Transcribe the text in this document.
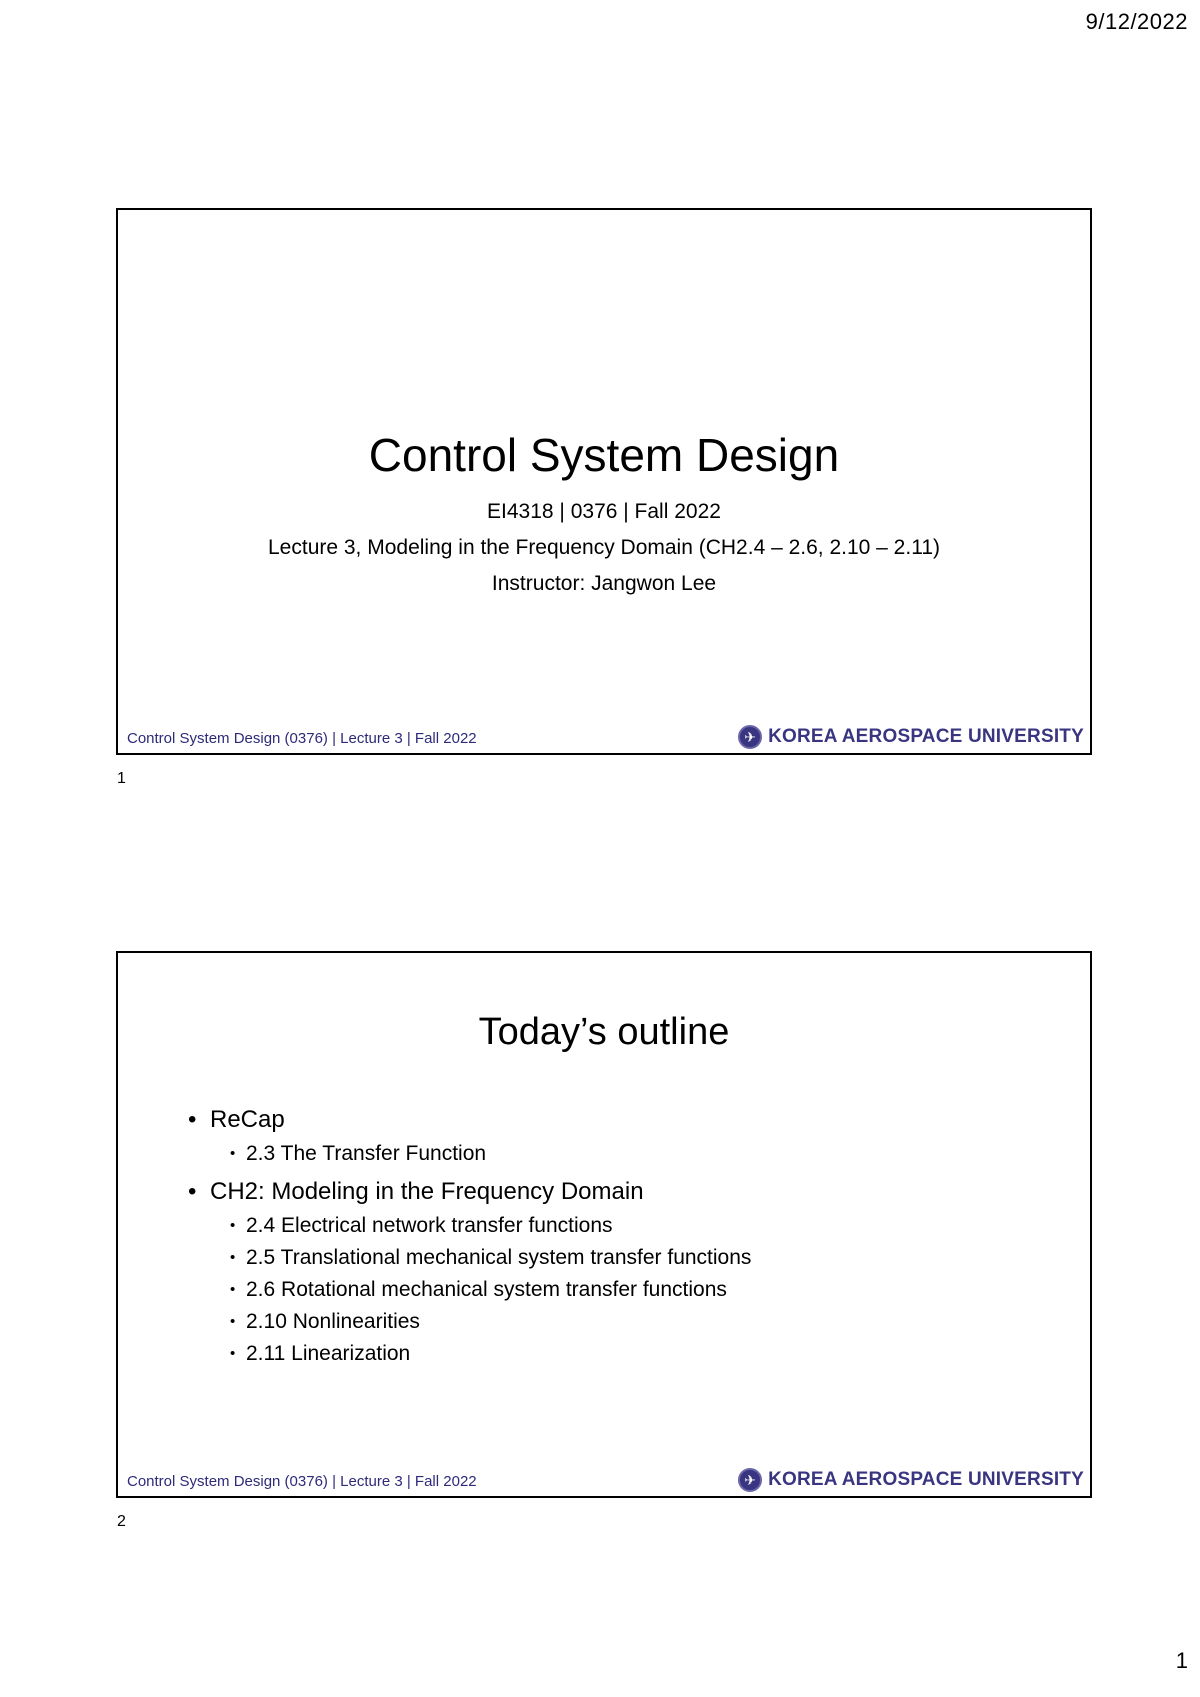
9/12/2022
Control System Design
EI4318 | 0376 | Fall 2022
Lecture 3, Modeling in the Frequency Domain (CH2.4 – 2.6, 2.10 – 2.11)
Instructor: Jangwon Lee
Control System Design (0376) | Lecture 3 | Fall 2022	✈ KOREA AEROSPACE UNIVERSITY
1
Today’s outline
• ReCap
• 2.3 The Transfer Function
• CH2: Modeling in the Frequency Domain
• 2.4 Electrical network transfer functions
• 2.5 Translational mechanical system transfer functions
• 2.6 Rotational mechanical system transfer functions
• 2.10 Nonlinearities
• 2.11 Linearization
Control System Design (0376) | Lecture 3 | Fall 2022	✈ KOREA AEROSPACE UNIVERSITY
2
1
